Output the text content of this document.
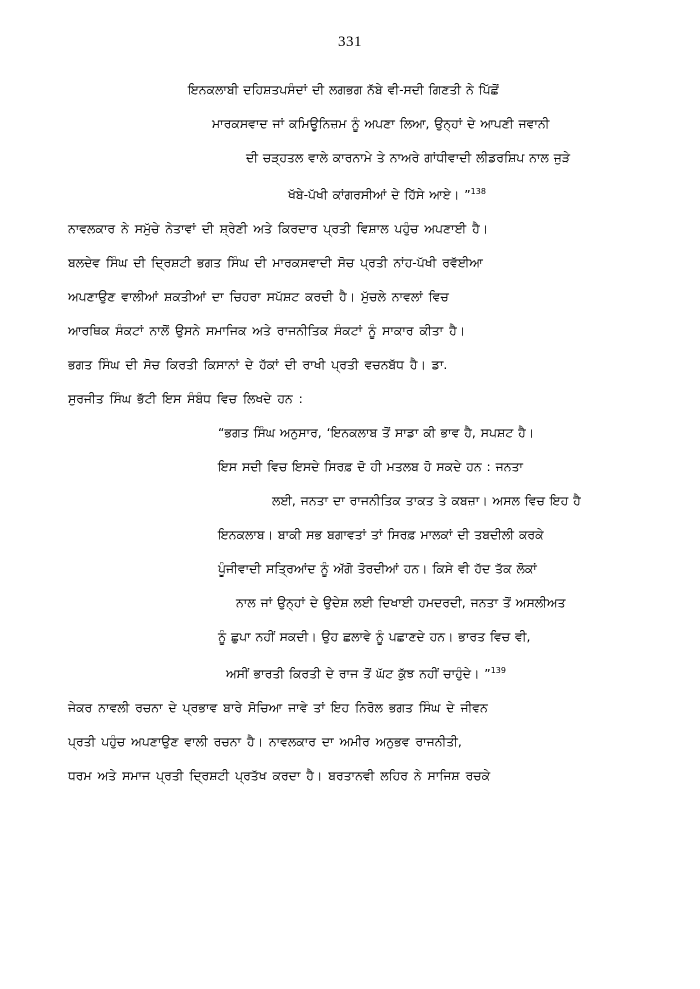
331
ਇਨਕਲਾਬੀ ਦਹਿਸ਼ਤਪਸੰਦਾਂ ਦੀ ਲਗਭਗ ਨੱਬੇ ਵੀ-ਸਦੀ ਗਿਣਤੀ ਨੇ ਪਿੱਛੋਂ
ਮਾਰਕਸਵਾਦ ਜਾਂ ਕਮਿਊਨਿਜ਼ਮ ਨੂੰ ਅਪਣਾ ਲਿਆ, ਉਨ੍ਹਾਂ ਦੇ ਆਪਣੀ ਜਵਾਨੀ
ਦੀ ਚੜ੍ਹਤਲ ਵਾਲੇ ਕਾਰਨਾਮੇ ਤੇ ਨਾਅਰੇ ਗਾਂਧੀਵਾਦੀ ਲੀਡਰਸ਼ਿਪ ਨਾਲ ਜੁੜੇ
ਖੱਬੇ-ਪੱਖੀ ਕਾਂਗਰਸੀਆਂ ਦੇ ਹਿੱਸੇ ਆਏ। ”$^{138}$
ਨਾਵਲਕਾਰ ਨੇ ਸਮੁੱਚੇ ਨੇਤਾਵਾਂ ਦੀ ਸ਼੍ਰੇਣੀ ਅਤੇ ਕਿਰਦਾਰ ਪ੍ਰਤੀ ਵਿਸ਼ਾਲ ਪਹੁੰਚ ਅਪਣਾਈ ਹੈ।
ਬਲਦੇਵ ਸਿੰਘ ਦੀ ਦ੍ਰਿਸ਼ਟੀ ਭਗਤ ਸਿੰਘ ਦੀ ਮਾਰਕਸਵਾਦੀ ਸੋਚ ਪ੍ਰਤੀ ਨਾਂਹ-ਪੱਖੀ ਰਵੱਈਆ
ਅਪਣਾਉਣ ਵਾਲੀਆਂ ਸ਼ਕਤੀਆਂ ਦਾ ਚਿਹਰਾ ਸਪੱਸ਼ਟ ਕਰਦੀ ਹੈ। ਮੁੱਚਲੇ ਨਾਵਲਾਂ ਵਿਚ
ਆਰਥਿਕ ਸੰਕਟਾਂ ਨਾਲੋਂ ਉਸਨੇ ਸਮਾਜਿਕ ਅਤੇ ਰਾਜਨੀਤਿਕ ਸੰਕਟਾਂ ਨੂੰ ਸਾਕਾਰ ਕੀਤਾ ਹੈ।
ਭਗਤ ਸਿੰਘ ਦੀ ਸੋਚ ਕਿਰਤੀ ਕਿਸਾਨਾਂ ਦੇ ਹੱਕਾਂ ਦੀ ਰਾਖੀ ਪ੍ਰਤੀ ਵਚਨਬੱਧ ਹੈ। ਡਾ.
ਸੁਰਜੀਤ ਸਿੰਘ ਭੱਟੀ ਇਸ ਸੰਬੰਧ ਵਿਚ ਲਿਖਦੇ ਹਨ :
“ਭਗਤ ਸਿੰਘ ਅਨੁਸਾਰ, ‘ਇਨਕਲਾਬ ਤੋਂ ਸਾਡਾ ਕੀ ਭਾਵ ਹੈ, ਸਪਸ਼ਟ ਹੈ।
ਇਸ ਸਦੀ ਵਿਚ ਇਸਦੇ ਸਿਰਫ਼ ਦੋ ਹੀ ਮਤਲਬ ਹੋ ਸਕਦੇ ਹਨ : ਜਨਤਾ
ਲਈ, ਜਨਤਾ ਦਾ ਰਾਜਨੀਤਿਕ ਤਾਕਤ ਤੇ ਕਬਜ਼ਾ। ਅਸਲ ਵਿਚ ਇਹ ਹੈ
ਇਨਕਲਾਬ। ਬਾਕੀ ਸਭ ਬਗਾਵਤਾਂ ਤਾਂ ਸਿਰਫ਼ ਮਾਲਕਾਂ ਦੀ ਤਬਦੀਲੀ ਕਰਕੇ
ਪੂੰਜੀਵਾਦੀ ਸਤ੍ਰਿਆਂਦ ਨੂੰ ਅੱਗੋ ਤੋਰਦੀਆਂ ਹਨ। ਕਿਸੇ ਵੀ ਹੱਦ ਤੱਕ ਲੋਕਾਂ
ਨਾਲ ਜਾਂ ਉਨ੍ਹਾਂ ਦੇ ਉਦੇਸ਼ ਲਈ ਦਿਖਾਈ ਹਮਦਰਦੀ, ਜਨਤਾ ਤੋਂ ਅਸਲੀਅਤ
ਨੂੰ ਛੁਪਾ ਨਹੀਂ ਸਕਦੀ। ਉਹ ਛਲਾਵੇ ਨੂੰ ਪਛਾਣਦੇ ਹਨ। ਭਾਰਤ ਵਿਚ ਵੀ,
ਅਸੀਂ ਭਾਰਤੀ ਕਿਰਤੀ ਦੇ ਰਾਜ ਤੋਂ ਘੱਟ ਕੁੱਝ ਨਹੀਂ ਚਾਹੁੰਦੇ। ”$^{139}$
ਜੇਕਰ ਨਾਵਲੀ ਰਚਨਾ ਦੇ ਪ੍ਰਭਾਵ ਬਾਰੇ ਸੋਚਿਆ ਜਾਵੇ ਤਾਂ ਇਹ ਨਿਰੋਲ ਭਗਤ ਸਿੰਘ ਦੇ ਜੀਵਨ
ਪ੍ਰਤੀ ਪਹੁੰਚ ਅਪਣਾਉਣ ਵਾਲੀ ਰਚਨਾ ਹੈ। ਨਾਵਲਕਾਰ ਦਾ ਅਮੀਰ ਅਨੁਭਵ ਰਾਜਨੀਤੀ,
ਧਰਮ ਅਤੇ ਸਮਾਜ ਪ੍ਰਤੀ ਦ੍ਰਿਸ਼ਟੀ ਪ੍ਰਤੱਖ ਕਰਦਾ ਹੈ। ਬਰਤਾਨਵੀ ਲਹਿਰ ਨੇ ਸਾਜਿਸ਼ ਰਚਕੇ
